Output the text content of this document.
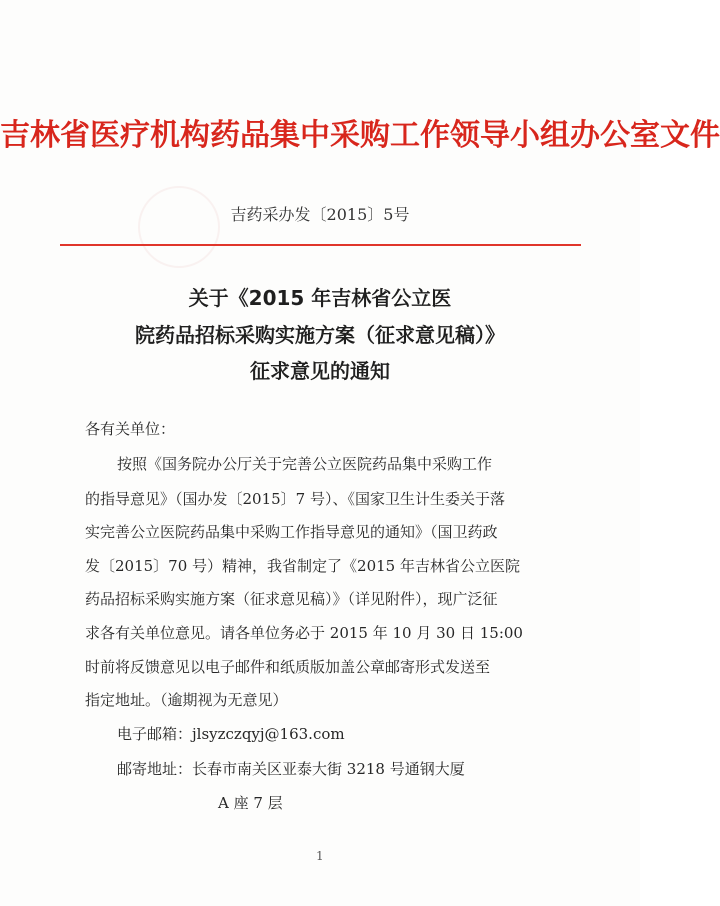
吉林省医疗机构药品集中采购工作领导小组办公室文件
吉药采办发〔2015〕5号
关于《2015 年吉林省公立医
院药品招标采购实施方案（征求意见稿）》
征求意见的通知
各有关单位：
按照《国务院办公厅关于完善公立医院药品集中采购工作
的指导意见》（国办发〔2015〕7 号）、《国家卫生计生委关于落
实完善公立医院药品集中采购工作指导意见的通知》（国卫药政
发〔2015〕70 号）精神，我省制定了《2015 年吉林省公立医院
药品招标采购实施方案（征求意见稿）》（详见附件），现广泛征
求各有关单位意见。请各单位务必于 2015 年 10 月 30 日 15:00
时前将反馈意见以电子邮件和纸质版加盖公章邮寄形式发送至
指定地址。（逾期视为无意见）
电子邮箱：jlsyzczqyj@163.com
邮寄地址：长春市南关区亚泰大街 3218 号通钢大厦
A 座 7 层
1
